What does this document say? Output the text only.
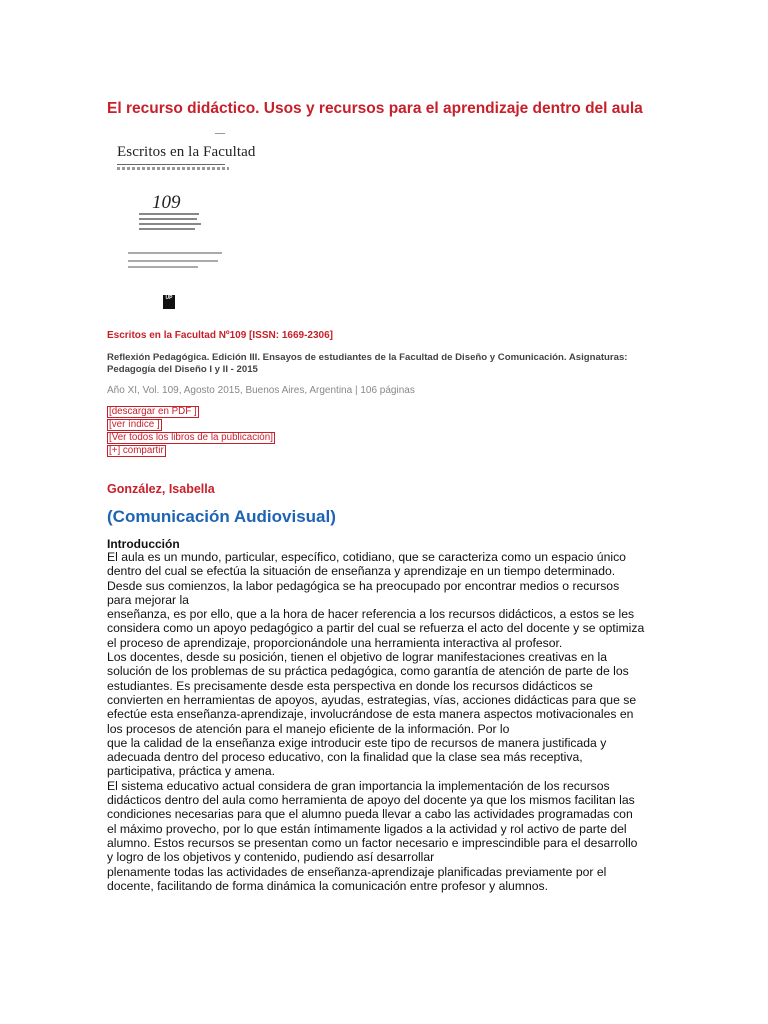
El recurso didáctico. Usos y recursos para el aprendizaje dentro del aula
Escritos en la Facultad
109
UP

Escritos en la Facultad Nº109 [ISSN: 1669-2306]

Reflexión Pedagógica. Edición III. Ensayos de estudiantes de la Facultad de Diseño y Comunicación. Asignaturas: Pedagogía del Diseño I y II - 2015

Año XI, Vol. 109, Agosto 2015, Buenos Aires, Argentina | 106 páginas

[descargar en PDF ]
[ver índice ]
[Ver todos los libros de la publicación]
[+] compartir

González, Isabella

(Comunicación Audiovisual)

Introducción

El aula es un mundo, particular, específico, cotidiano, que se caracteriza como un espacio único

dentro del cual se efectúa la situación de enseñanza y aprendizaje en un tiempo determinado.

Desde sus comienzos, la labor pedagógica se ha preocupado por encontrar medios o recursos

para mejorar la

enseñanza, es por ello, que a la hora de hacer referencia a los recursos didácticos, a estos se les

considera como un apoyo pedagógico a partir del cual se refuerza el acto del docente y se optimiza

el proceso de aprendizaje, proporcionándole una herramienta interactiva al profesor.

Los docentes, desde su posición, tienen el objetivo de lograr manifestaciones creativas en la

solución de los problemas de su práctica pedagógica, como garantía de atención de parte de los

estudiantes. Es precisamente desde esta perspectiva en donde los recursos didácticos se

convierten en herramientas de apoyos, ayudas, estrategias, vías, acciones didácticas para que se

efectúe esta enseñanza-aprendizaje, involucrándose de esta manera aspectos motivacionales en

los procesos de atención para el manejo eficiente de la información. Por lo

que la calidad de la enseñanza exige introducir este tipo de recursos de manera justificada y

adecuada dentro del proceso educativo, con la finalidad que la clase sea más receptiva,

participativa, práctica y amena.

El sistema educativo actual considera de gran importancia la implementación de los recursos

didácticos dentro del aula como herramienta de apoyo del docente ya que los mismos facilitan las

condiciones necesarias para que el alumno pueda llevar a cabo las actividades programadas con

el máximo provecho, por lo que están íntimamente ligados a la actividad y rol activo de parte del

alumno. Estos recursos se presentan como un factor necesario e imprescindible para el desarrollo

y logro de los objetivos y contenido, pudiendo así desarrollar

plenamente todas las actividades de enseñanza-aprendizaje planificadas previamente por el

docente, facilitando de forma dinámica la comunicación entre profesor y alumnos.
